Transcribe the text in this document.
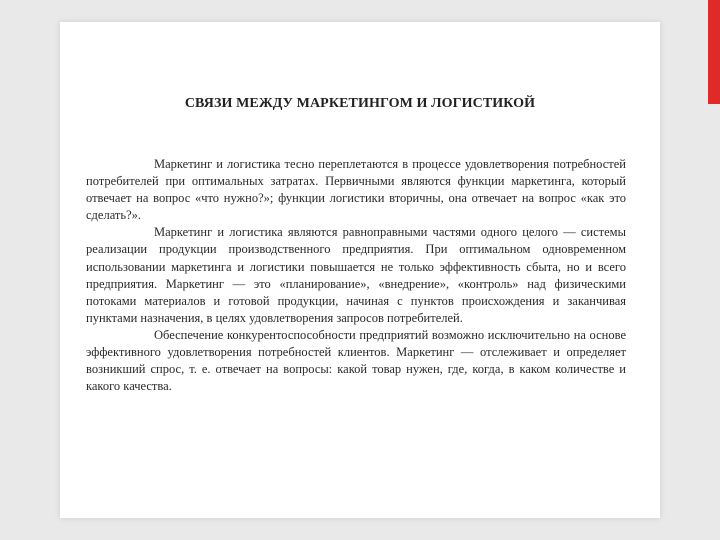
СВЯЗИ МЕЖДУ МАРКЕТИНГОМ И ЛОГИСТИКОЙ

Маркетинг и логистика тесно переплетаются в процессе удовлетворения потребностей потребителей при оптимальных затратах. Первичными являются функции маркетинга, который отвечает на вопрос «что нужно?»; функции логистики вторичны, она отвечает на вопрос «как это сделать?».

Маркетинг и логистика являются равноправными частями одного целого — системы реализации продукции производственного предприятия. При оптимальном одновременном использовании маркетинга и логистики повышается не только эффективность сбыта, но и всего предприятия. Маркетинг — это «планирование», «внедрение», «контроль» над физическими потоками материалов и готовой продукции, начиная с пунктов происхождения и заканчивая пунктами назначения, в целях удовлетворения запросов потребителей.

Обеспечение конкурентоспособности предприятий возможно исключительно на основе эффективного удовлетворения потребностей клиентов. Маркетинг — отслеживает и определяет возникший спрос, т. е. отвечает на вопросы: какой товар нужен, где, когда, в каком количестве и какого качества.
